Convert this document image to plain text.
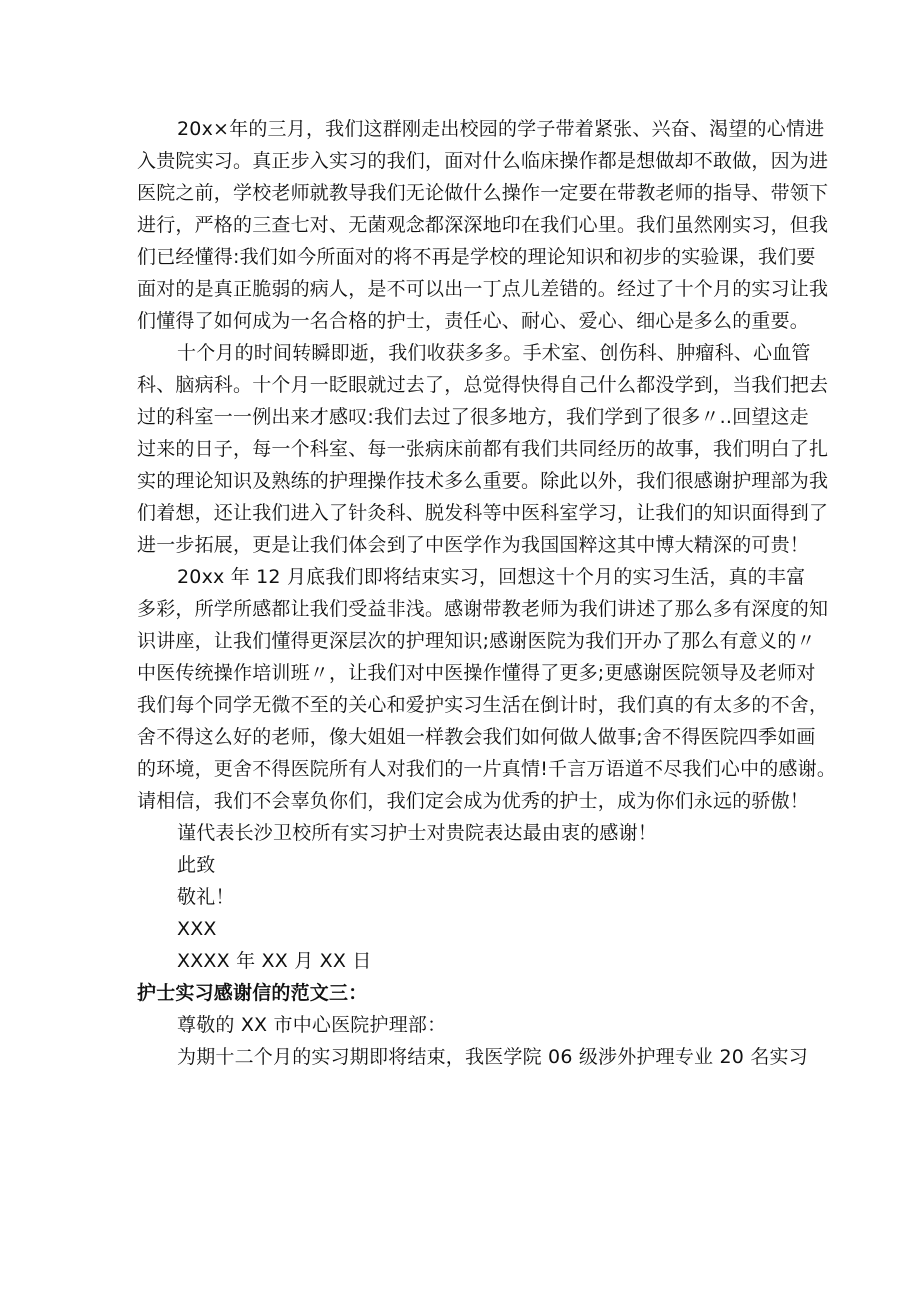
20x×年的三月，我们这群刚走出校园的学子带着紧张、兴奋、渴望的心情进
入贵院实习。真正步入实习的我们，面对什么临床操作都是想做却不敢做，因为进
医院之前，学校老师就教导我们无论做什么操作一定要在带教老师的指导、带领下
进行，严格的三查七对、无菌观念都深深地印在我们心里。我们虽然刚实习，但我
们已经懂得:我们如今所面对的将不再是学校的理论知识和初步的实验课，我们要
面对的是真正脆弱的病人，是不可以出一丁点儿差错的。经过了十个月的实习让我
们懂得了如何成为一名合格的护士，责任心、耐心、爱心、细心是多么的重要。
十个月的时间转瞬即逝，我们收获多多。手术室、创伤科、肿瘤科、心血管
科、脑病科。十个月一眨眼就过去了，总觉得快得自己什么都没学到，当我们把去
过的科室一一例出来才感叹:我们去过了很多地方，我们学到了很多〃..回望这走
过来的日子，每一个科室、每一张病床前都有我们共同经历的故事，我们明白了扎
实的理论知识及熟练的护理操作技术多么重要。除此以外，我们很感谢护理部为我
们着想，还让我们进入了针灸科、脱发科等中医科室学习，让我们的知识面得到了
进一步拓展，更是让我们体会到了中医学作为我国国粹这其中博大精深的可贵！
20xx 年 12 月底我们即将结束实习，回想这十个月的实习生活，真的丰富
多彩，所学所感都让我们受益非浅。感谢带教老师为我们讲述了那么多有深度的知
识讲座，让我们懂得更深层次的护理知识;感谢医院为我们开办了那么有意义的〃
中医传统操作培训班〃，让我们对中医操作懂得了更多;更感谢医院领导及老师对
我们每个同学无微不至的关心和爱护实习生活在倒计时，我们真的有太多的不舍，
舍不得这么好的老师，像大姐姐一样教会我们如何做人做事;舍不得医院四季如画
的环境，更舍不得医院所有人对我们的一片真情!千言万语道不尽我们心中的感谢。
请相信，我们不会辜负你们，我们定会成为优秀的护士，成为你们永远的骄傲！
谨代表长沙卫校所有实习护士对贵院表达最由衷的感谢！
此致
敬礼！
XXX
XXXX 年 XX 月 XX 日
护士实习感谢信的范文三：
尊敬的 XX 市中心医院护理部：
为期十二个月的实习期即将结束，我医学院 06 级涉外护理专业 20 名实习
